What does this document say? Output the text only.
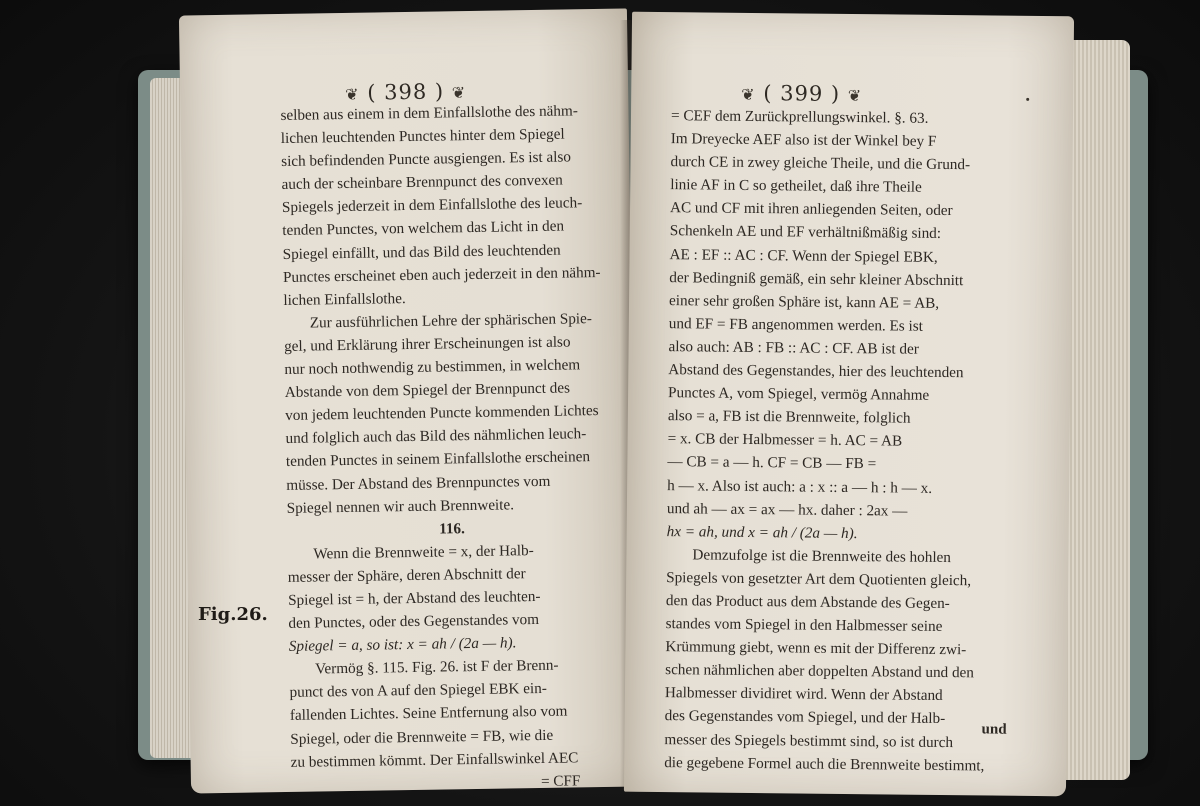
❦ ( 398 ) ❦
selben aus einem in dem Einfallslothe des nähm-
lichen leuchtenden Punctes hinter dem Spiegel
sich befindenden Puncte ausgiengen. Es ist also
auch der scheinbare Brennpunct des convexen
Spiegels jederzeit in dem Einfallslothe des leuch-
tenden Punctes, von welchem das Licht in den
Spiegel einfällt, und das Bild des leuchtenden
Punctes erscheinet eben auch jederzeit in den nähm-
lichen Einfallslothe.
Zur ausführlichen Lehre der sphärischen Spie-
gel, und Erklärung ihrer Erscheinungen ist also
nur noch nothwendig zu bestimmen, in welchem
Abstande von dem Spiegel der Brennpunct des
von jedem leuchtenden Puncte kommenden Lichtes
und folglich auch das Bild des nähmlichen leuch-
tenden Punctes in seinem Einfallslothe erscheinen
müsse. Der Abstand des Brennpunctes vom
Spiegel nennen wir auch Brennweite.
116.
Wenn die Brennweite = x, der Halb-
messer der Sphäre, deren Abschnitt der
Spiegel ist = h, der Abstand des leuchten-
den Punctes, oder des Gegenstandes vom
Spiegel = a, so ist: x = ah / (2a — h).
Vermög §. 115. Fig. 26. ist F der Brenn-
punct des von A auf den Spiegel EBK ein-
fallenden Lichtes. Seine Entfernung also vom
Spiegel, oder die Brennweite = FB, wie die
zu bestimmen kömmt. Der Einfallswinkel AEC
= CFF
Fig.26.
❦ ( 399 ) ❦
= CEF dem Zurückprellungswinkel. §. 63.
Im Dreyecke AEF also ist der Winkel bey F
durch CE in zwey gleiche Theile, und die Grund-
linie AF in C so getheilet, daß ihre Theile
AC und CF mit ihren anliegenden Seiten, oder
Schenkeln AE und EF verhältnißmäßig sind:
AE : EF :: AC : CF. Wenn der Spiegel EBK,
der Bedingniß gemäß, ein sehr kleiner Abschnitt
einer sehr großen Sphäre ist, kann AE = AB,
und EF = FB angenommen werden. Es ist
also auch: AB : FB :: AC : CF. AB ist der
Abstand des Gegenstandes, hier des leuchtenden
Punctes A, vom Spiegel, vermög Annahme
also = a, FB ist die Brennweite, folglich
= x. CB der Halbmesser = h. AC = AB
— CB = a — h. CF = CB — FB =
h — x. Also ist auch: a : x :: a — h : h — x.
und ah — ax = ax — hx. daher : 2ax —
hx = ah, und x = ah / (2a — h).
Demzufolge ist die Brennweite des hohlen
Spiegels von gesetzter Art dem Quotienten gleich,
den das Product aus dem Abstande des Gegen-
standes vom Spiegel in den Halbmesser seine
Krümmung giebt, wenn es mit der Differenz zwi-
schen nähmlichen aber doppelten Abstand und den
Halbmesser dividiret wird. Wenn der Abstand
des Gegenstandes vom Spiegel, und der Halb-
messer des Spiegels bestimmt sind, so ist durch
die gegebene Formel auch die Brennweite bestimmt,
und
